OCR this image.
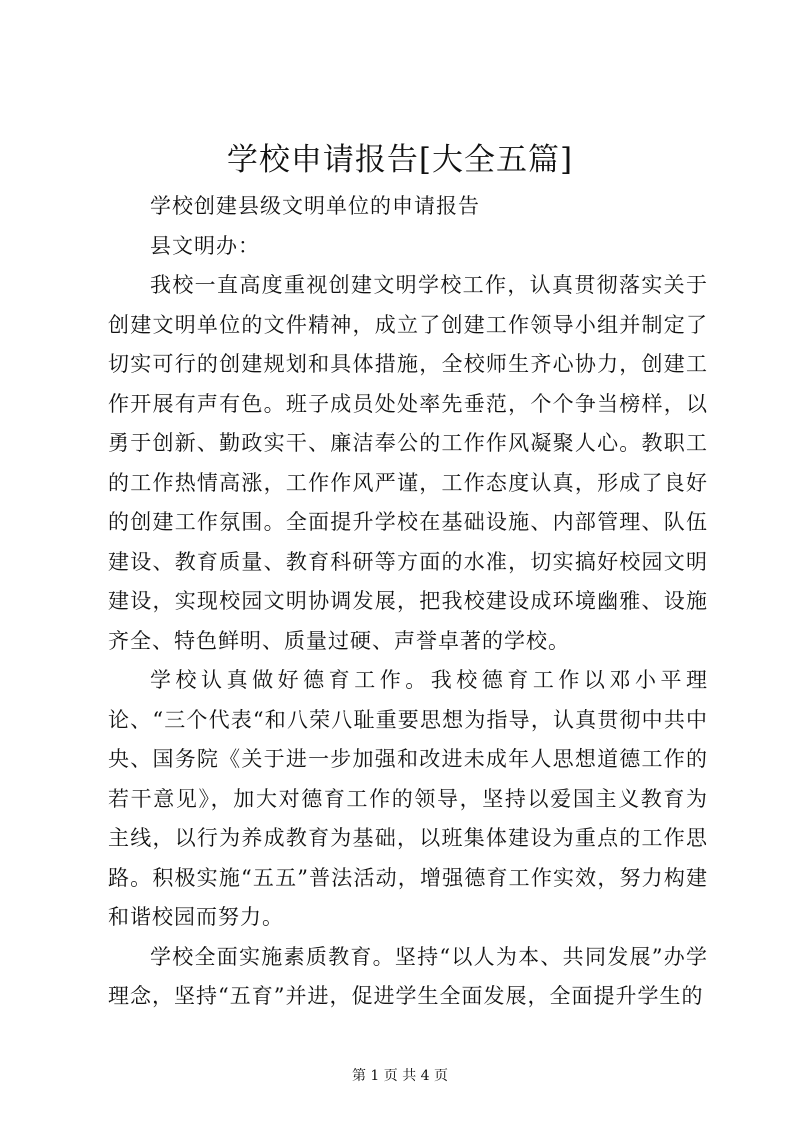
学校申请报告[大全五篇]

学校创建县级文明单位的申请报告

县文明办：

我校一直高度重视创建文明学校工作，认真贯彻落实关于创建文明单位的文件精神，成立了创建工作领导小组并制定了切实可行的创建规划和具体措施，全校师生齐心协力，创建工作开展有声有色。班子成员处处率先垂范，个个争当榜样，以勇于创新、勤政实干、廉洁奉公的工作作风凝聚人心。教职工的工作热情高涨，工作作风严谨，工作态度认真，形成了良好的创建工作氛围。全面提升学校在基础设施、内部管理、队伍建设、教育质量、教育科研等方面的水准，切实搞好校园文明建设，实现校园文明协调发展，把我校建设成环境幽雅、设施齐全、特色鲜明、质量过硬、声誉卓著的学校。

学校认真做好德育工作。我校德育工作以邓小平理论、“三个代表“和八荣八耻重要思想为指导，认真贯彻中共中央、国务院《关于进一步加强和改进未成年人思想道德工作的若干意见》，加大对德育工作的领导，坚持以爱国主义教育为主线，以行为养成教育为基础，以班集体建设为重点的工作思路。积极实施“五五”普法活动，增强德育工作实效，努力构建和谐校园而努力。

学校全面实施素质教育。坚持“以人为本、共同发展”办学理念，坚持“五育”并进，促进学生全面发展，全面提升学生的

第 1 页 共 4 页
